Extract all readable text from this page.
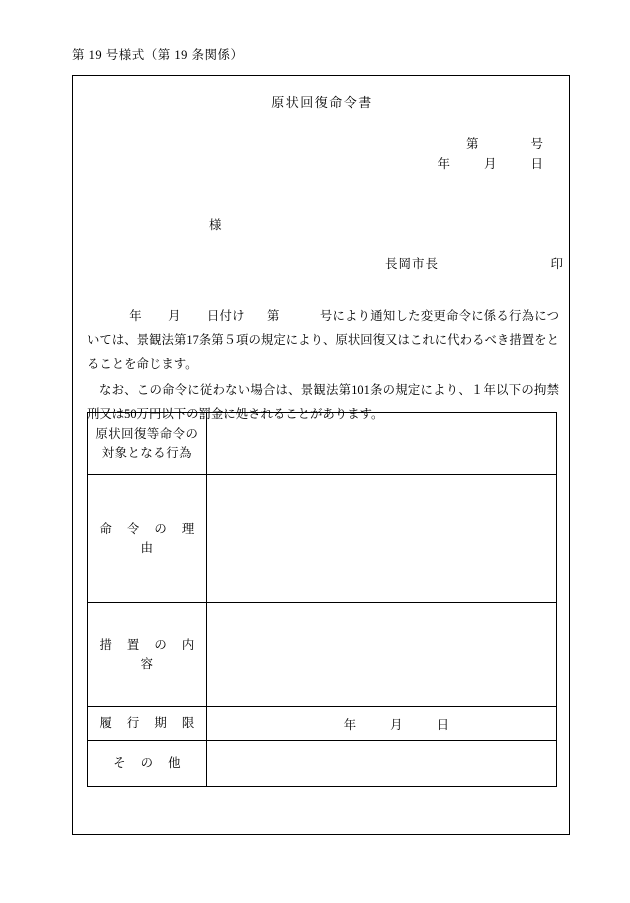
第 19 号様式（第 19 条関係）
原状回復命令書
第	号
年	月	日
様
長岡市長	印

年 月 日付け 第	号により通知した変更命令に係る行為については、景観法第17条第５項の規定により、原状回復又はこれに代わるべき措置をとることを命じます。

なお、この命令に従わない場合は、景観法第101条の規定により、１年以下の拘禁刑又は50万円以下の罰金に処されることがあります。

原状回復等命令の
対象となる行為	

命 令 の 理 由	
措 置 の 内 容	
履 行 期 限	年 月 日

そ の 他	
